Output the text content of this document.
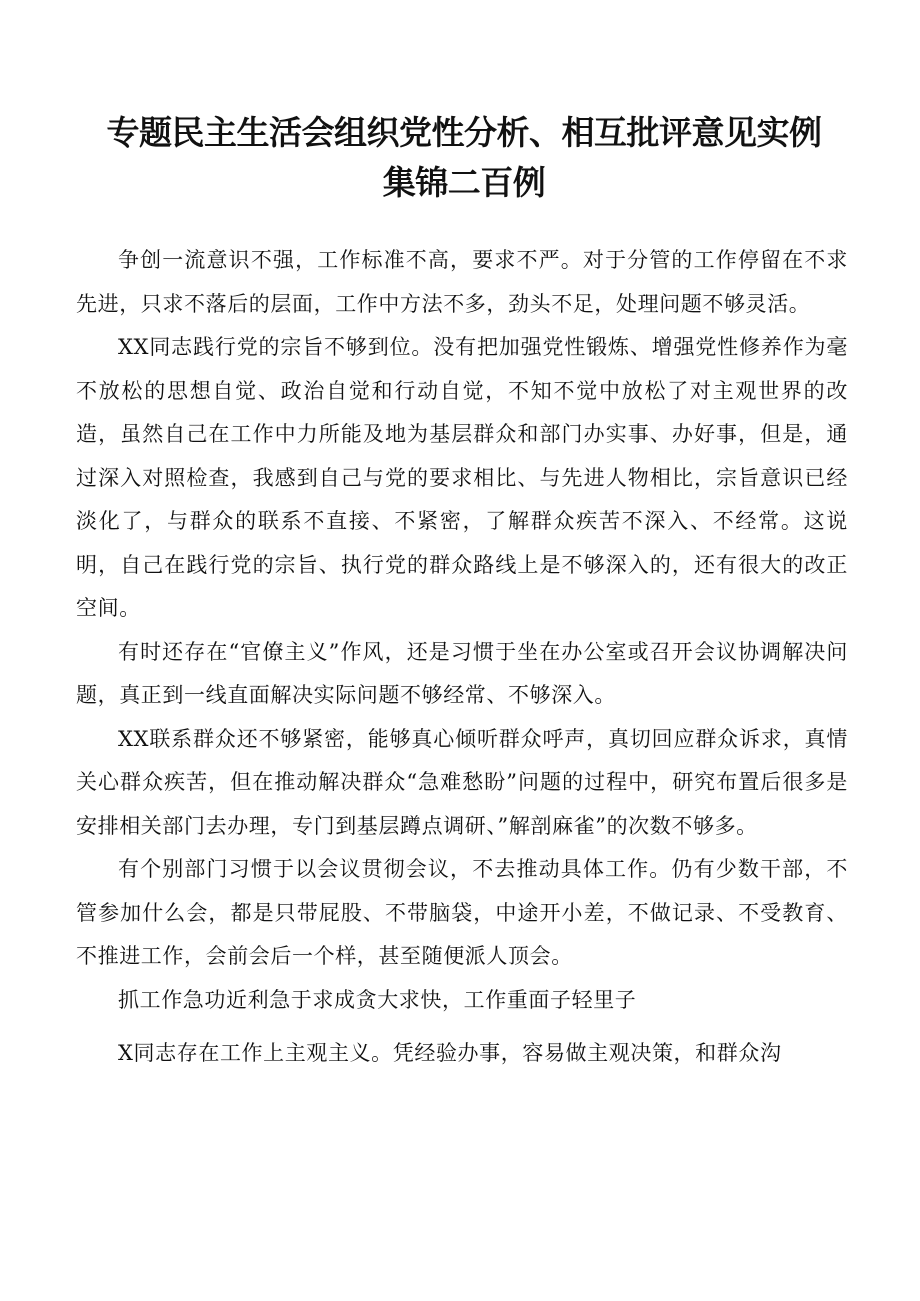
专题民主生活会组织党性分析、相互批评意见实例
集锦二百例

争创一流意识不强，工作标准不高，要求不严。对于分管的工作停留在不求先进，只求不落后的层面，工作中方法不多，劲头不足，处理问题不够灵活。

XX同志践行党的宗旨不够到位。没有把加强党性锻炼、增强党性修养作为毫不放松的思想自觉、政治自觉和行动自觉，不知不觉中放松了对主观世界的改造，虽然自己在工作中力所能及地为基层群众和部门办实事、办好事，但是，通过深入对照检查，我感到自己与党的要求相比、与先进人物相比，宗旨意识已经淡化了，与群众的联系不直接、不紧密，了解群众疾苦不深入、不经常。这说明，自己在践行党的宗旨、执行党的群众路线上是不够深入的，还有很大的改正空间。

有时还存在“官僚主义”作风，还是习惯于坐在办公室或召开会议协调解决问题，真正到一线直面解决实际问题不够经常、不够深入。

XX联系群众还不够紧密，能够真心倾听群众呼声，真切回应群众诉求，真情关心群众疾苦，但在推动解决群众“急难愁盼”问题的过程中，研究布置后很多是安排相关部门去办理，专门到基层蹲点调研、”解剖麻雀”的次数不够多。

有个别部门习惯于以会议贯彻会议，不去推动具体工作。仍有少数干部，不管参加什么会，都是只带屁股、不带脑袋，中途开小差，不做记录、不受教育、不推进工作，会前会后一个样，甚至随便派人顶会。

抓工作急功近利急于求成贪大求快，工作重面子轻里子

X同志存在工作上主观主义。凭经验办事，容易做主观决策，和群众沟
